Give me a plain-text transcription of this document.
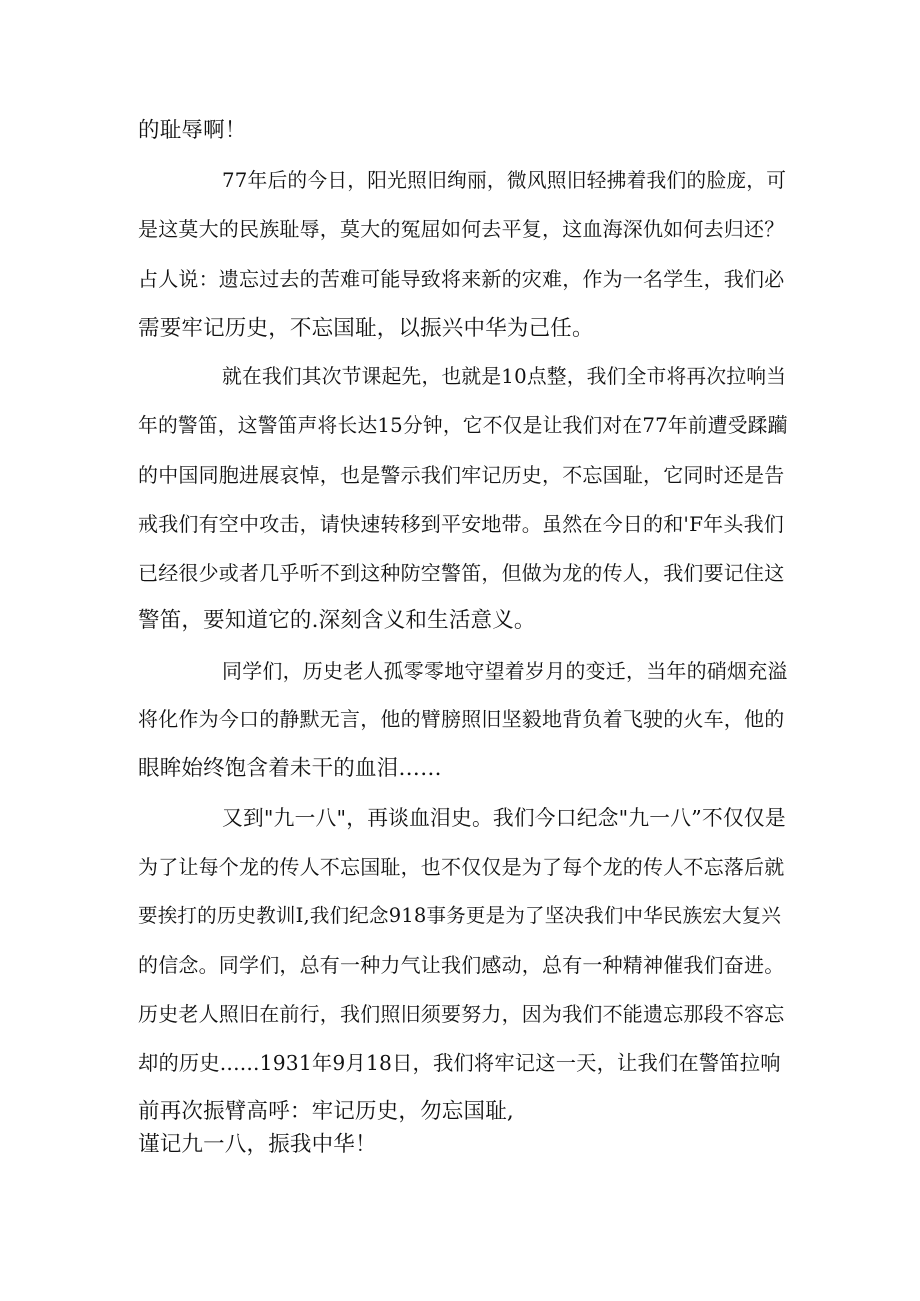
的耻辱啊！
77年后的今日，阳光照旧绚丽，微风照旧轻拂着我们的脸庞，可
是这莫大的民族耻辱，莫大的冤屈如何去平复，这血海深仇如何去归还？
占人说：遗忘过去的苦难可能导致将来新的灾难，作为一名学生，我们必
需要牢记历史，不忘国耻，以振兴中华为己任。
就在我们其次节课起先，也就是10点整，我们全市将再次拉响当
年的警笛，这警笛声将长达15分钟，它不仅是让我们对在77年前遭受蹂躏
的中国同胞进展哀悼，也是警示我们牢记历史，不忘国耻，它同时还是告
戒我们有空中攻击，请快速转移到平安地带。虽然在今日的和'F年头我们
已经很少或者几乎听不到这种防空警笛，但做为龙的传人，我们要记住这
警笛，要知道它的.深刻含义和生活意义。
同学们，历史老人孤零零地守望着岁月的变迁，当年的硝烟充溢
将化作为今口的静默无言，他的臂膀照旧坚毅地背负着飞驶的火车，他的
眼眸始终饱含着未干的血泪……
又到"九一八"，再谈血泪史。我们今口纪念"九一八”不仅仅是
为了让每个龙的传人不忘国耻，也不仅仅是为了每个龙的传人不忘落后就
要挨打的历史教训I,我们纪念918事务更是为了坚决我们中华民族宏大复兴
的信念。同学们，总有一种力气让我们感动，总有一种精神催我们奋进。
历史老人照旧在前行，我们照旧须要努力，因为我们不能遗忘那段不容忘
却的历史......1931年9月18日，我们将牢记这一天，让我们在警笛拉响
前再次振臂高呼：牢记历史，勿忘国耻,
谨记九一八，振我中华！
